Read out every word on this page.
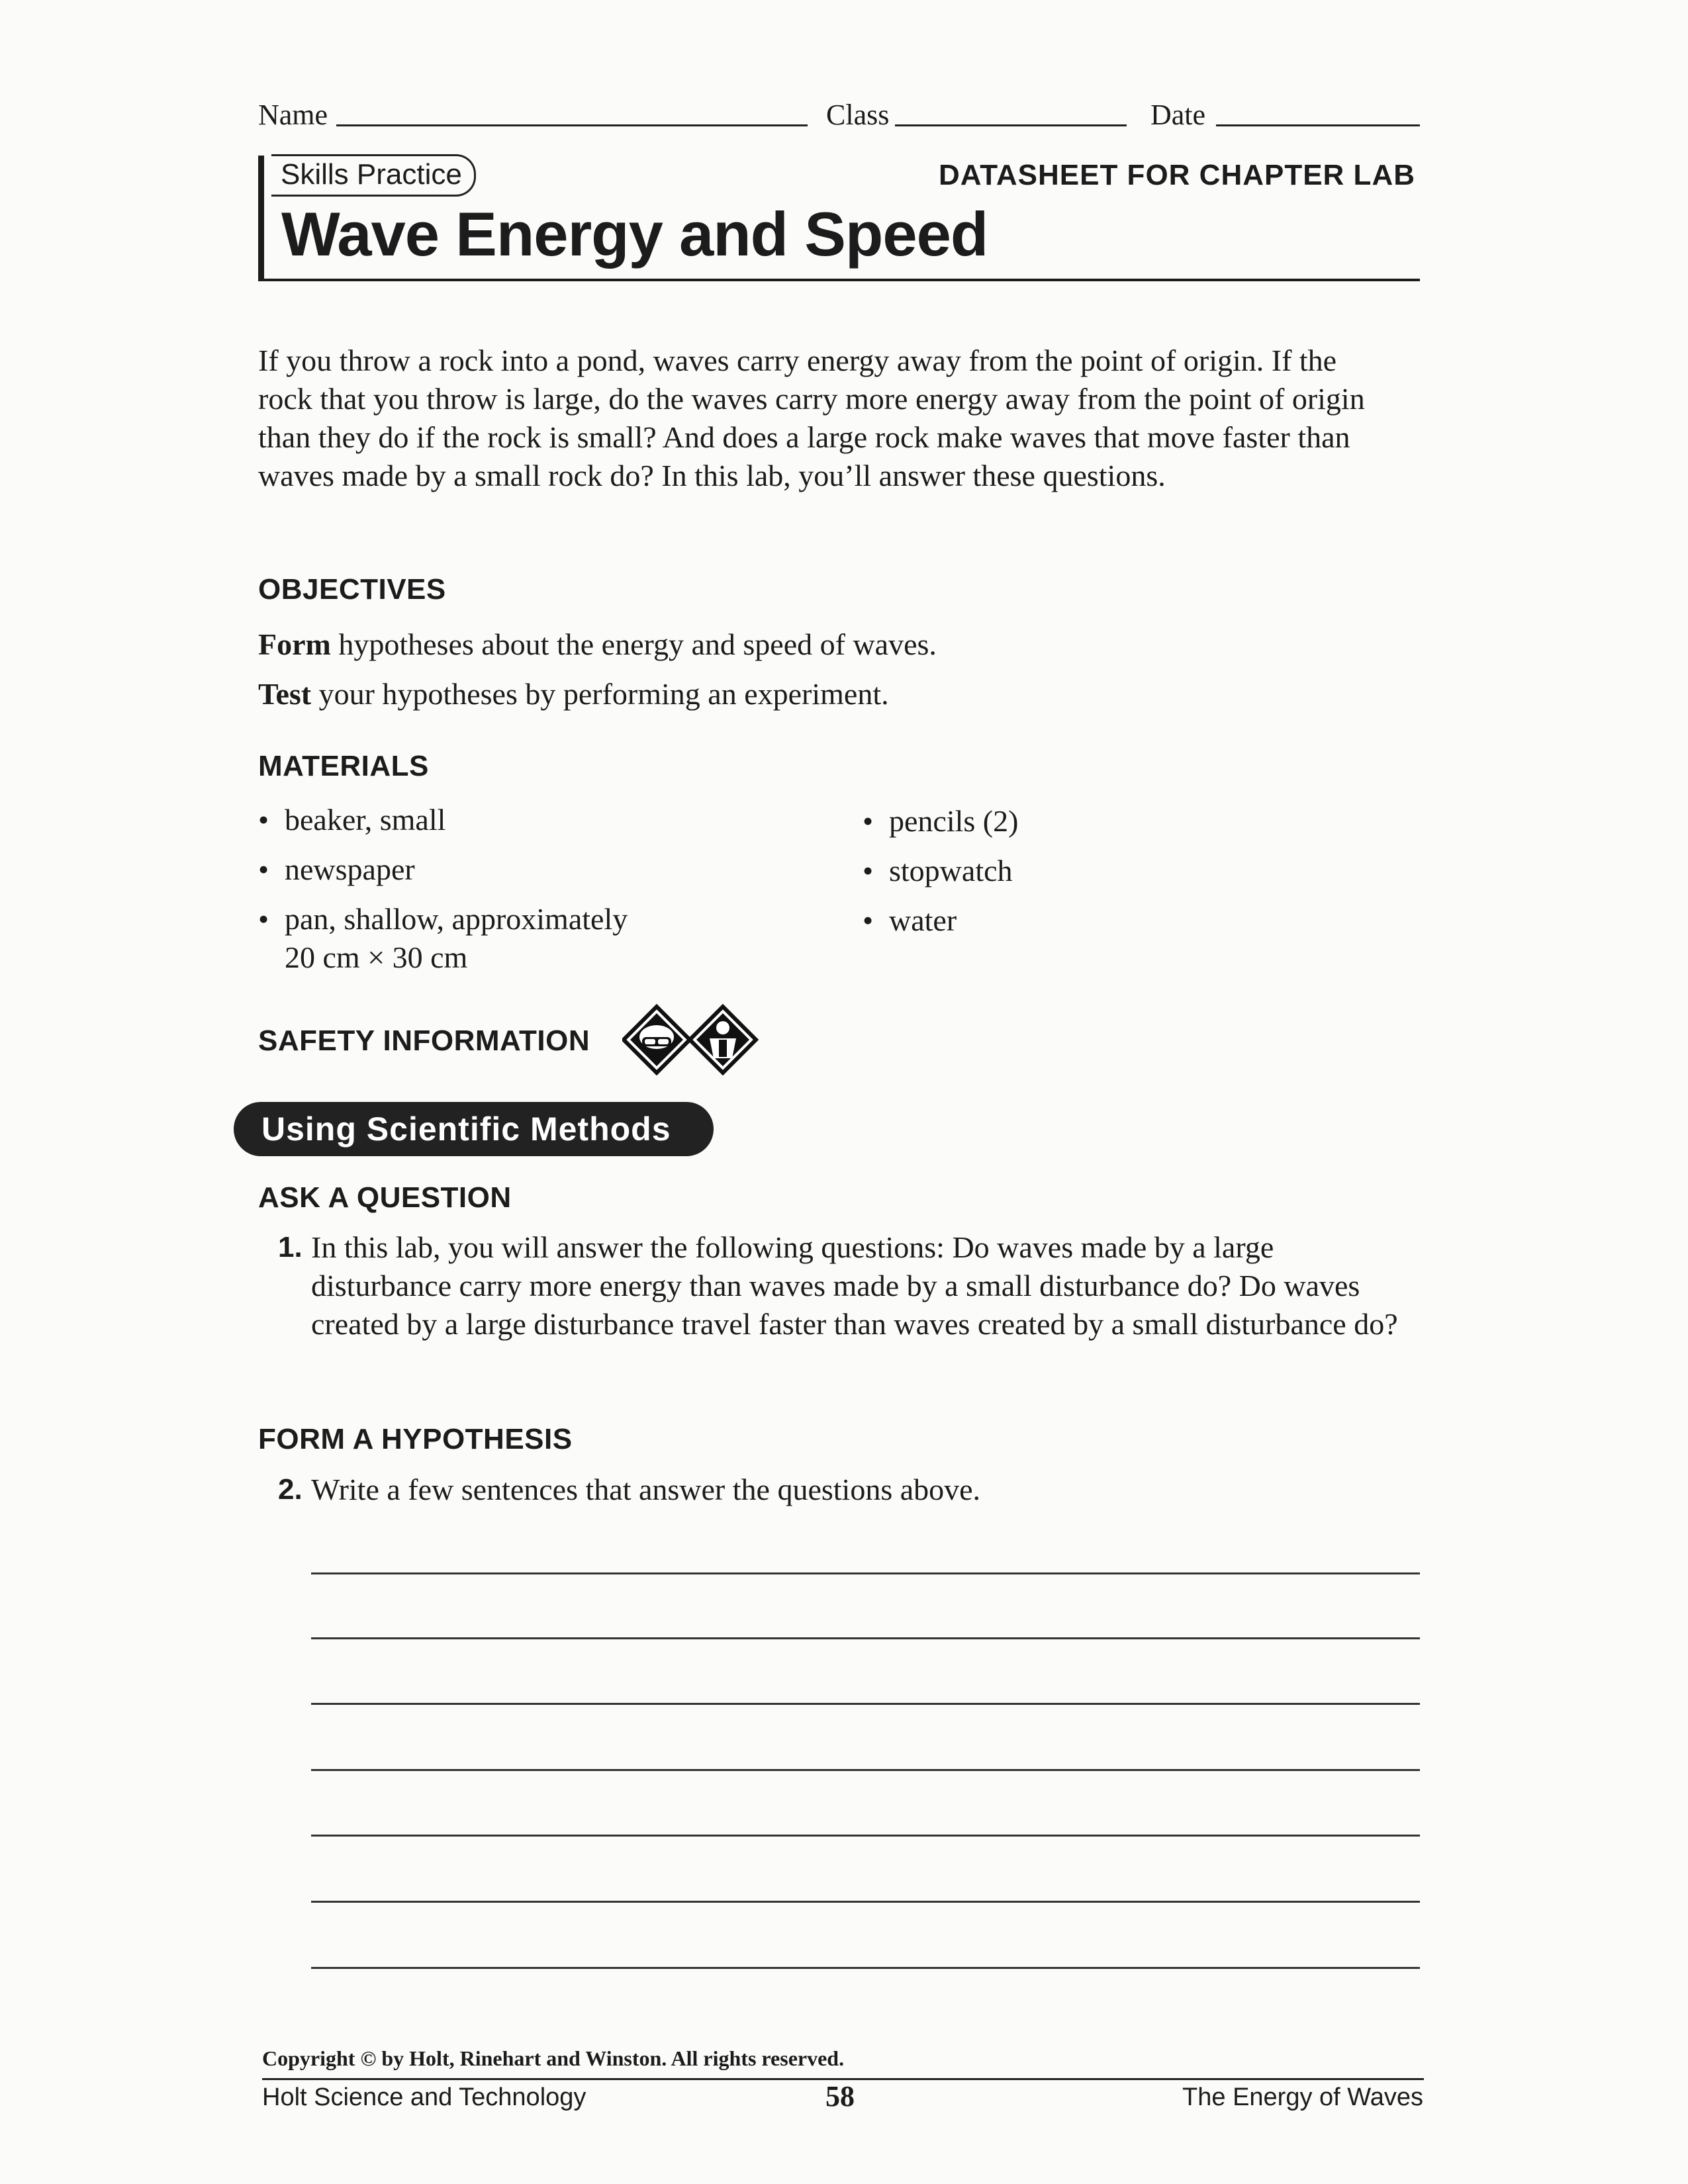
Name	Class	Date
Skills Practice	DATASHEET FOR CHAPTER LAB
Wave Energy and Speed

If you throw a rock into a pond, waves carry energy away from the point of origin. If the rock that you throw is large, do the waves carry more energy away from the point of origin than they do if the rock is small? And does a large rock make waves that move faster than waves made by a small rock do? In this lab, you’ll answer these questions.

OBJECTIVES

Form hypotheses about the energy and speed of waves.

Test your hypotheses by performing an experiment.

MATERIALS
• beaker, small
• newspaper
• pan, shallow, approximately
20 cm × 30 cm
• pencils (2)
• stopwatch
• water
SAFETY INFORMATION
Using Scientific Methods
ASK A QUESTION
1. In this lab, you will answer the following questions: Do waves made by a large disturbance carry more energy than waves made by a small disturbance do? Do waves created by a large disturbance travel faster than waves created by a small disturbance do?

FORM A HYPOTHESIS
2. Write a few sentences that answer the questions above.

Copyright © by Holt, Rinehart and Winston. All rights reserved.
Holt Science and Technology	58	The Energy of Waves
